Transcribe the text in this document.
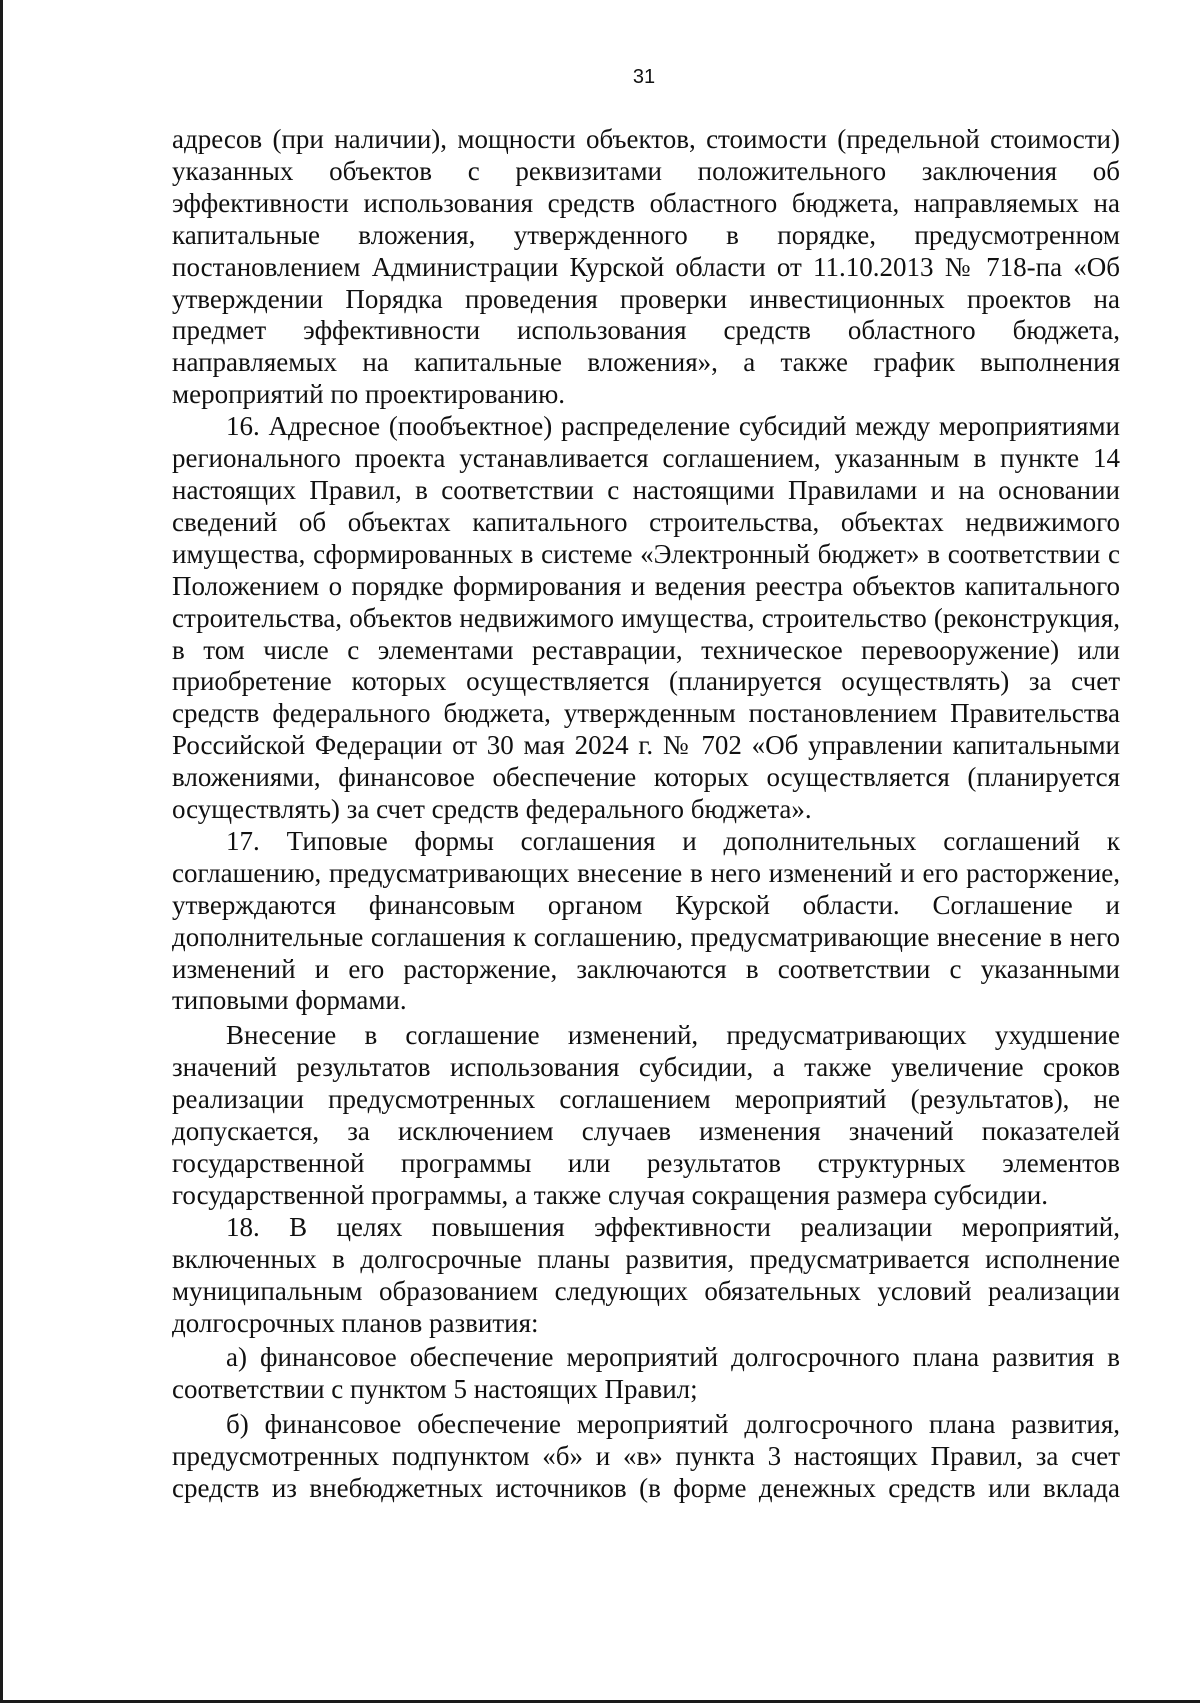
31

адресов (при наличии), мощности объектов, стоимости (предельной стоимости) указанных объектов с реквизитами положительного заключения об эффективности использования средств областного бюджета, направляемых на капитальные вложения, утвержденного в порядке, предусмотренном постановлением Администрации Курской области от 11.10.2013 № 718-па «Об утверждении Порядка проведения проверки инвестиционных проектов на предмет эффективности использования средств областного бюджета, направляемых на капитальные вложения», а также график выполнения мероприятий по проектированию.

16. Адресное (пообъектное) распределение субсидий между мероприятиями регионального проекта устанавливается соглашением, указанным в пункте 14 настоящих Правил, в соответствии с настоящими Правилами и на основании сведений об объектах капитального строительства, объектах недвижимого имущества, сформированных в системе «Электронный бюджет» в соответствии с Положением о порядке формирования и ведения реестра объектов капитального строительства, объектов недвижимого имущества, строительство (реконструкция, в том числе с элементами реставрации, техническое перевооружение) или приобретение которых осуществляется (планируется осуществлять) за счет средств федерального бюджета, утвержденным постановлением Правительства Российской Федерации от 30 мая 2024 г. № 702 «Об управлении капитальными вложениями, финансовое обеспечение которых осуществляется (планируется осуществлять) за счет средств федерального бюджета».

17. Типовые формы соглашения и дополнительных соглашений к соглашению, предусматривающих внесение в него изменений и его расторжение, утверждаются финансовым органом Курской области. Соглашение и дополнительные соглашения к соглашению, предусматривающие внесение в него изменений и его расторжение, заключаются в соответствии с указанными типовыми формами.

Внесение в соглашение изменений, предусматривающих ухудшение значений результатов использования субсидии, а также увеличение сроков реализации предусмотренных соглашением мероприятий (результатов), не допускается, за исключением случаев изменения значений показателей государственной программы или результатов структурных элементов государственной программы, а также случая сокращения размера субсидии.

18. В целях повышения эффективности реализации мероприятий, включенных в долгосрочные планы развития, предусматривается исполнение муниципальным образованием следующих обязательных условий реализации долгосрочных планов развития:

а) финансовое обеспечение мероприятий долгосрочного плана развития в соответствии с пунктом 5 настоящих Правил;

б) финансовое обеспечение мероприятий долгосрочного плана развития, предусмотренных подпунктом «б» и «в» пункта 3 настоящих Правил, за счет средств из внебюджетных источников (в форме денежных средств или вклада
